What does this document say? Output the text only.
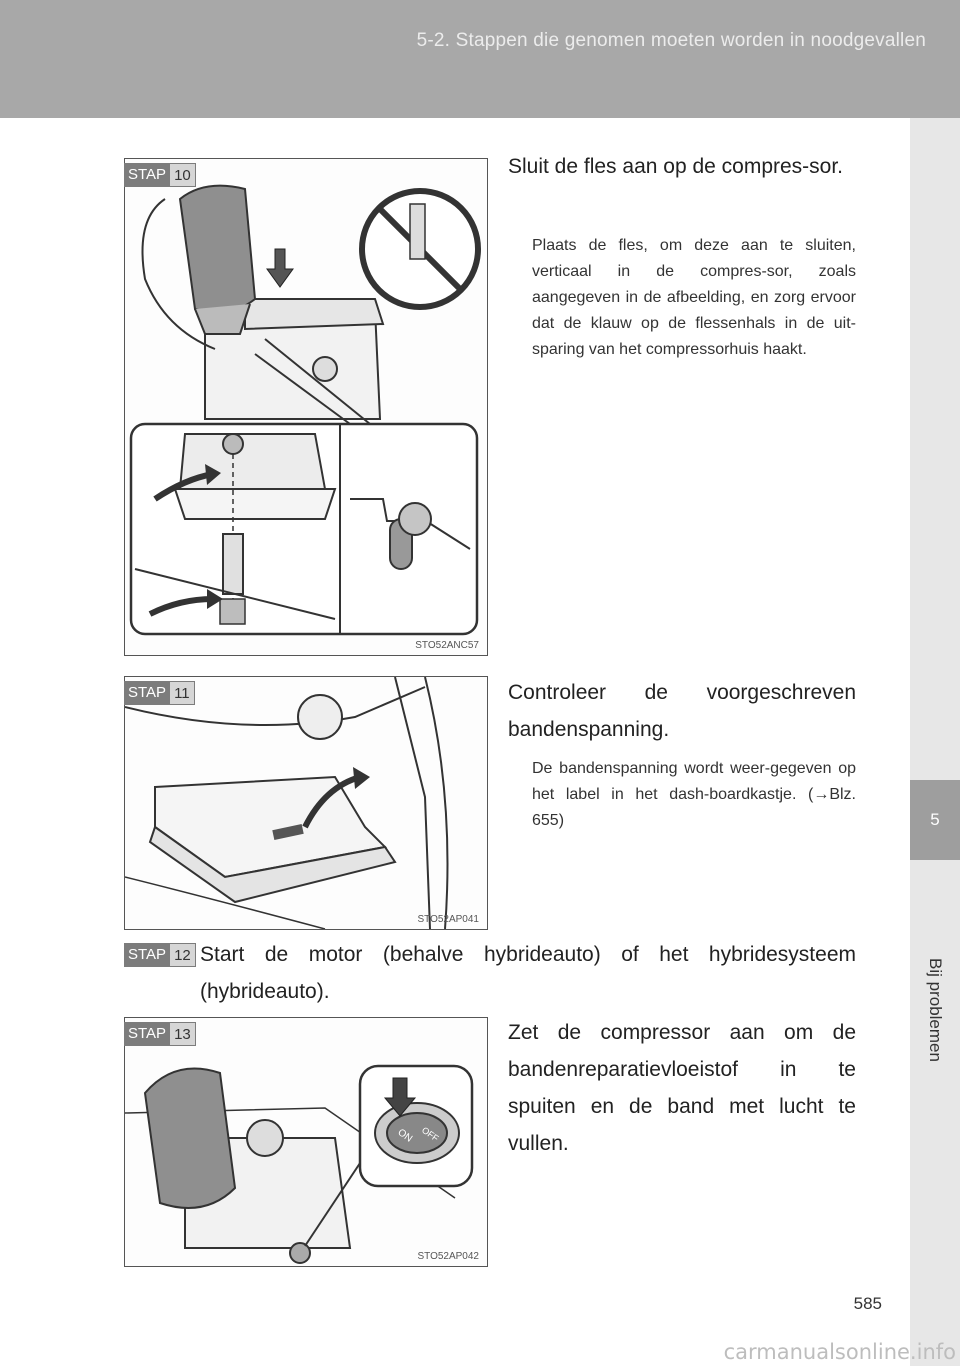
5-2. Stappen die genomen moeten worden in noodgevallen
5
Bij problemen
STO52ANC57
STAP 10	Sluit de fles aan op de compres-sor.
Plaats de fles, om deze aan te sluiten, verticaal in de compres-sor, zoals aangegeven in de afbeelding, en zorg ervoor dat de klauw op de flessenhals in de uit-sparing van het compressorhuis haakt.
STO52AP041
STAP 11	Controleer de voorgeschreven bandenspanning.
De bandenspanning wordt weer-gegeven op het label in het dash-boardkastje. (→Blz. 655)
STAP 12 Start de motor (behalve hybrideauto) of het hybridesysteem (hybrideauto).
ON OFF
STO52AP042
STAP 13	Zet de compressor aan om de bandenreparatievloeistof in te spuiten en de band met lucht te vullen.
585
carmanualsonline.info
